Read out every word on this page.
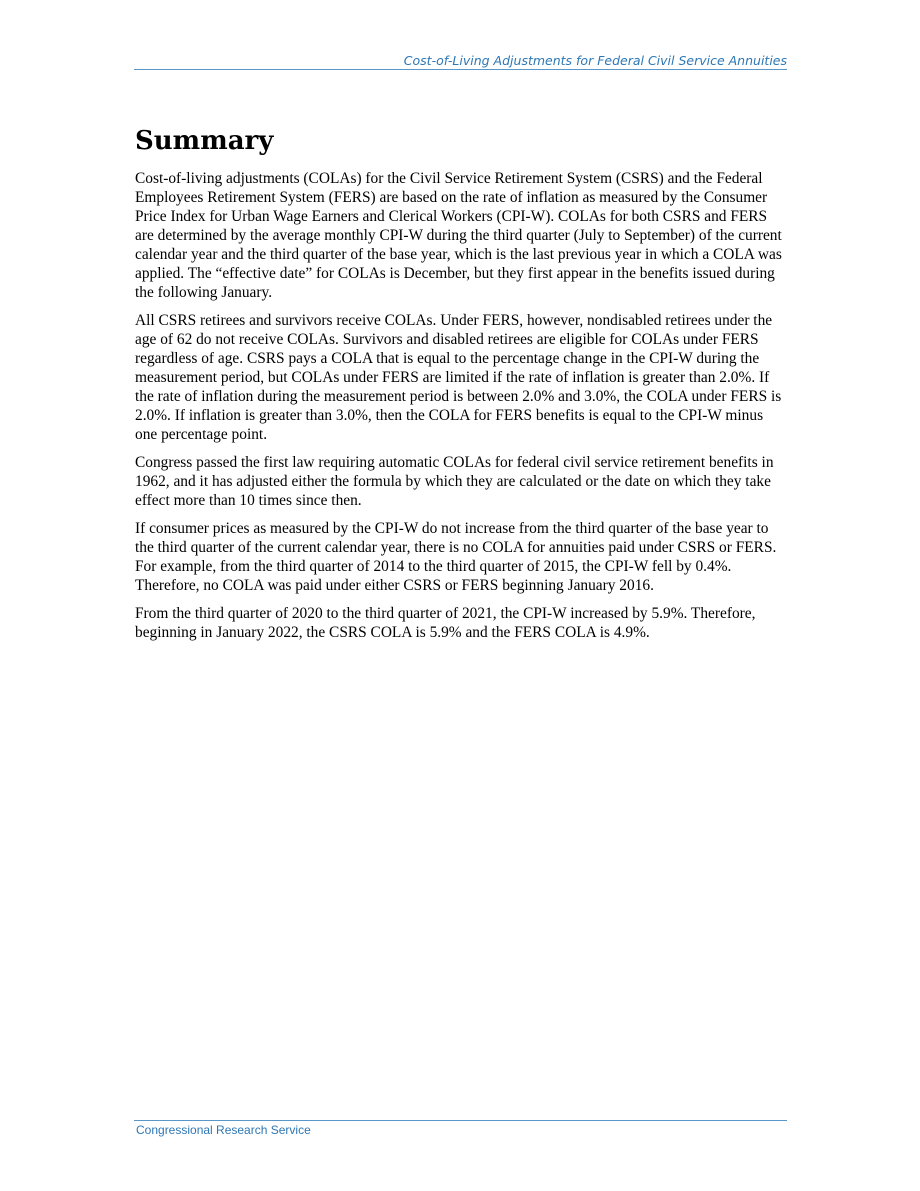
Cost-of-Living Adjustments for Federal Civil Service Annuities
Summary

Cost-of-living adjustments (COLAs) for the Civil Service Retirement System (CSRS) and the Federal Employees Retirement System (FERS) are based on the rate of inflation as measured by the Consumer Price Index for Urban Wage Earners and Clerical Workers (CPI-W). COLAs for both CSRS and FERS are determined by the average monthly CPI-W during the third quarter (July to September) of the current calendar year and the third quarter of the base year, which is the last previous year in which a COLA was applied. The “effective date” for COLAs is December, but they first appear in the benefits issued during the following January.

All CSRS retirees and survivors receive COLAs. Under FERS, however, nondisabled retirees under the age of 62 do not receive COLAs. Survivors and disabled retirees are eligible for COLAs under FERS regardless of age. CSRS pays a COLA that is equal to the percentage change in the CPI-W during the measurement period, but COLAs under FERS are limited if the rate of inflation is greater than 2.0%. If the rate of inflation during the measurement period is between 2.0% and 3.0%, the COLA under FERS is 2.0%. If inflation is greater than 3.0%, then the COLA for FERS benefits is equal to the CPI-W minus one percentage point.

Congress passed the first law requiring automatic COLAs for federal civil service retirement benefits in 1962, and it has adjusted either the formula by which they are calculated or the date on which they take effect more than 10 times since then.

If consumer prices as measured by the CPI-W do not increase from the third quarter of the base year to the third quarter of the current calendar year, there is no COLA for annuities paid under CSRS or FERS. For example, from the third quarter of 2014 to the third quarter of 2015, the CPI-W fell by 0.4%. Therefore, no COLA was paid under either CSRS or FERS beginning January 2016.

From the third quarter of 2020 to the third quarter of 2021, the CPI-W increased by 5.9%. Therefore, beginning in January 2022, the CSRS COLA is 5.9% and the FERS COLA is 4.9%.

Congressional Research Service
